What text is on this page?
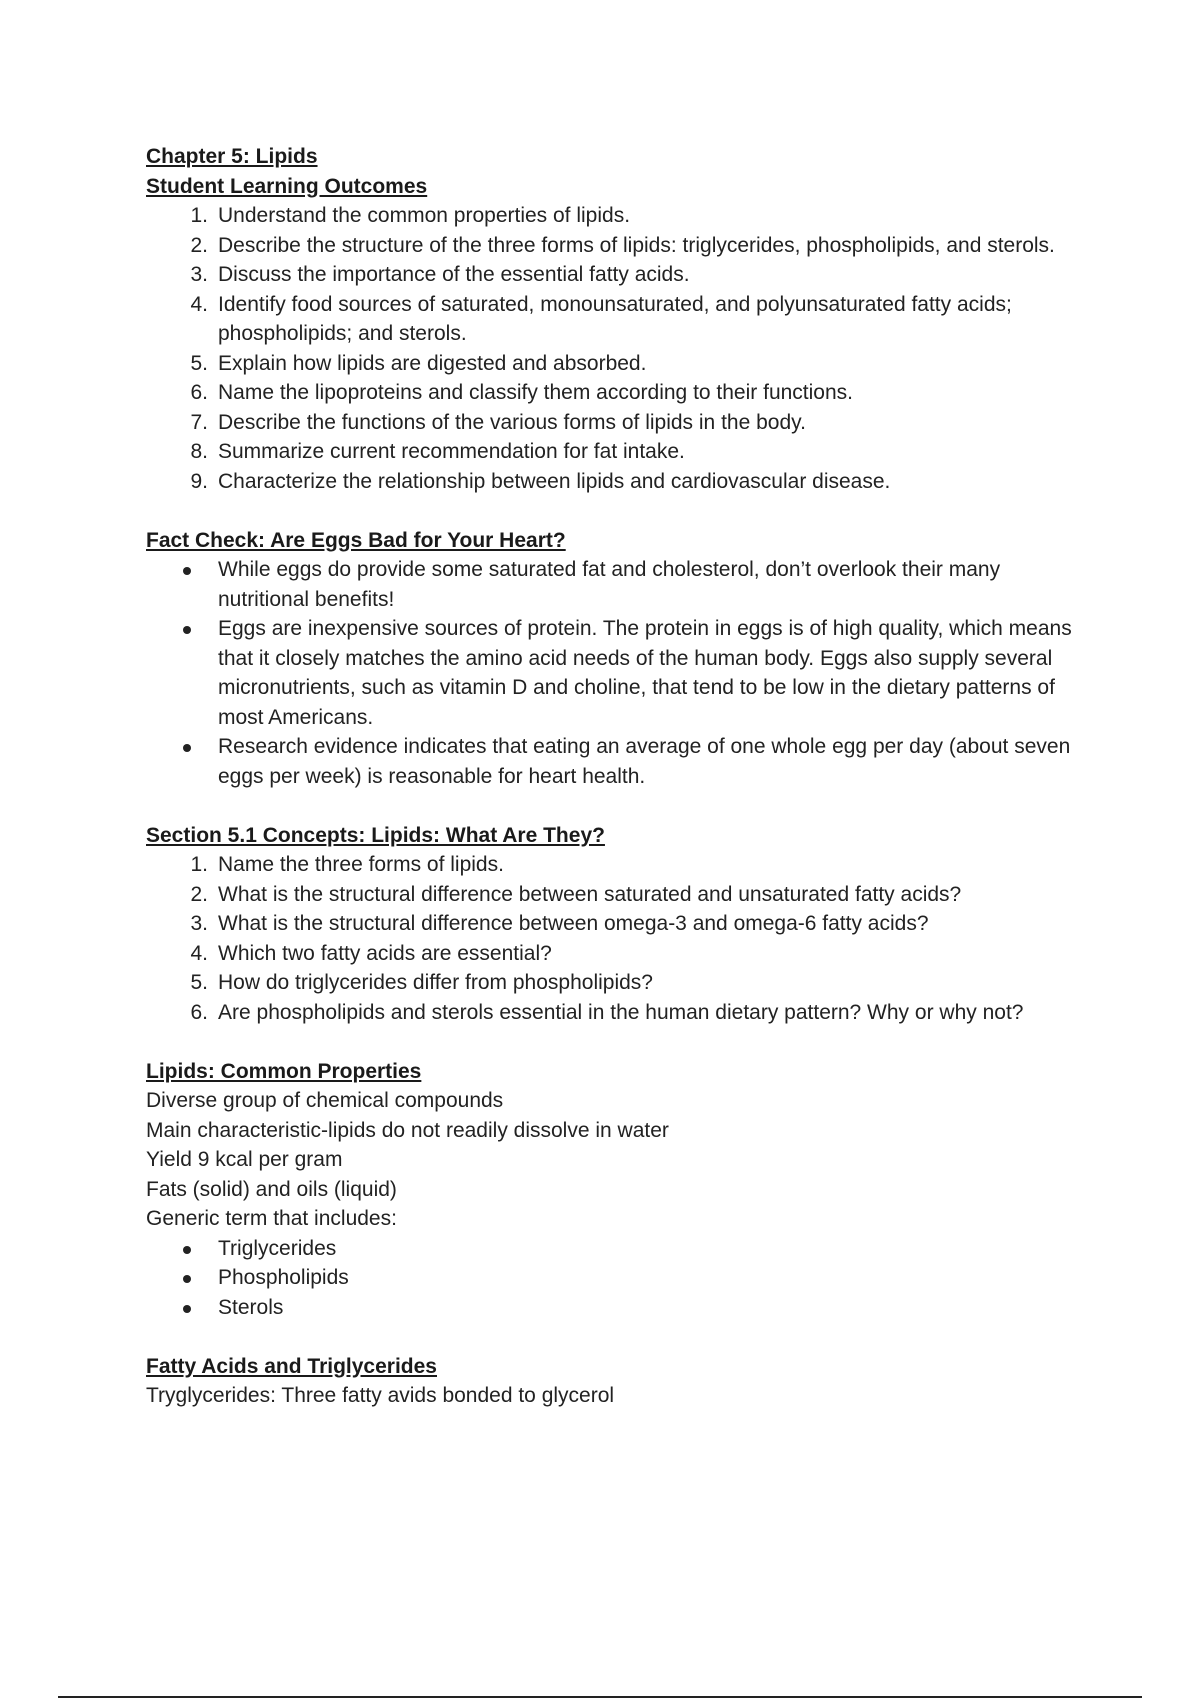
Chapter 5: Lipids
Student Learning Outcomes
1. Understand the common properties of lipids.
2. Describe the structure of the three forms of lipids: triglycerides, phospholipids, and sterols.
3. Discuss the importance of the essential fatty acids.
4. Identify food sources of saturated, monounsaturated, and polyunsaturated fatty acids; phospholipids; and sterols.
5. Explain how lipids are digested and absorbed.
6. Name the lipoproteins and classify them according to their functions.
7. Describe the functions of the various forms of lipids in the body.
8. Summarize current recommendation for fat intake.
9. Characterize the relationship between lipids and cardiovascular disease.
Fact Check: Are Eggs Bad for Your Heart?
While eggs do provide some saturated fat and cholesterol, don’t overlook their many nutritional benefits!
Eggs are inexpensive sources of protein. The protein in eggs is of high quality, which means that it closely matches the amino acid needs of the human body. Eggs also supply several micronutrients, such as vitamin D and choline, that tend to be low in the dietary patterns of most Americans.
Research evidence indicates that eating an average of one whole egg per day (about seven eggs per week) is reasonable for heart health.
Section 5.1 Concepts: Lipids: What Are They?
1. Name the three forms of lipids.
2. What is the structural difference between saturated and unsaturated fatty acids?
3. What is the structural difference between omega-3 and omega-6 fatty acids?
4. Which two fatty acids are essential?
5. How do triglycerides differ from phospholipids?
6. Are phospholipids and sterols essential in the human dietary pattern? Why or why not?
Lipids: Common Properties
Diverse group of chemical compounds
Main characteristic-lipids do not readily dissolve in water
Yield 9 kcal per gram
Fats (solid) and oils (liquid)
Generic term that includes:
Triglycerides
Phospholipids
Sterols
Fatty Acids and Triglycerides
Tryglycerides: Three fatty avids bonded to glycerol
